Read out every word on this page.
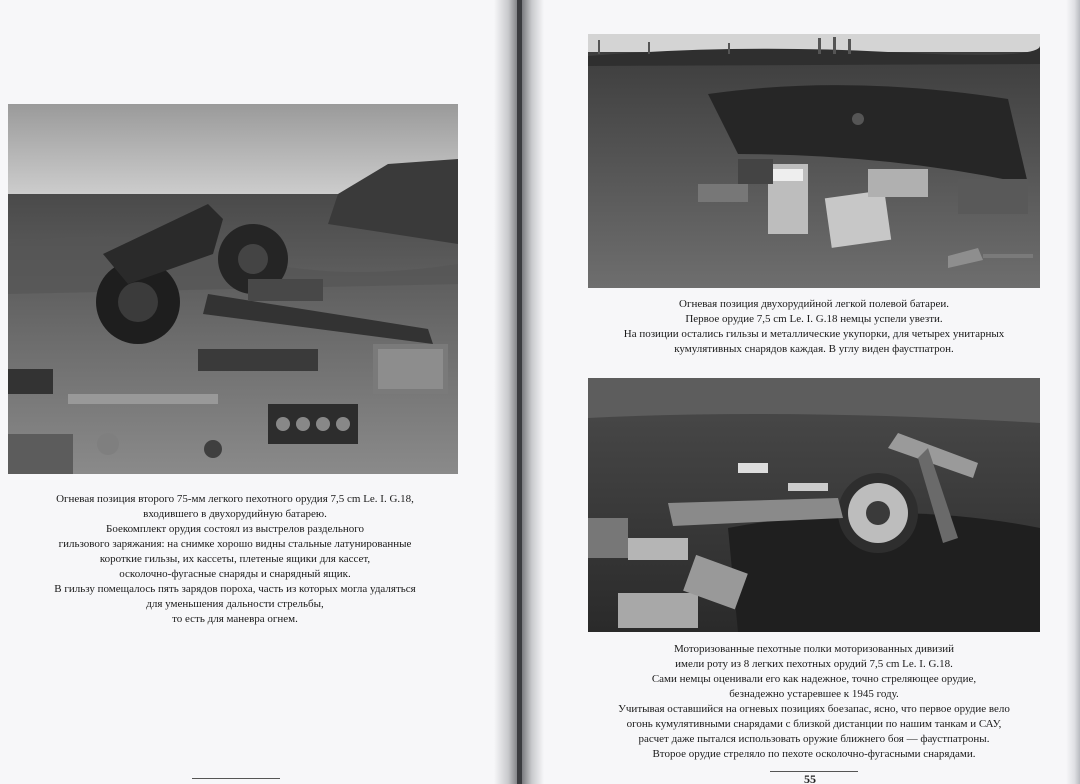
Огневая позиция второго 75-мм легкого пехотного орудия 7,5 cm Le. I. G.18,
входившего в двухорудийную батарею.
Боекомплект орудия состоял из выстрелов раздельного
гильзового заряжания: на снимке хорошо видны стальные латунированные
короткие гильзы, их кассеты, плетеные ящики для кассет,
осколочно-фугасные снаряды и снарядный ящик.
В гильзу помещалось пять зарядов пороха, часть из которых могла удаляться
для уменьшения дальности стрельбы,
то есть для маневра огнем.
Огневая позиция двухорудийной легкой полевой батареи.
Первое орудие 7,5 cm Le. I. G.18 немцы успели увезти.
На позиции остались гильзы и металлические укупорки, для четырех унитарных
кумулятивных снарядов каждая. В углу виден фаустпатрон.
Моторизованные пехотные полки моторизованных дивизий
имели роту из 8 легких пехотных орудий 7,5 cm Le. I. G.18.
Сами немцы оценивали его как надежное, точно стреляющее орудие,
безнадежно устаревшее к 1945 году.
Учитывая оставшийся на огневых позициях боезапас, ясно, что первое орудие вело
огонь кумулятивными снарядами с близкой дистанции по нашим танкам и САУ,
расчет даже пытался использовать оружие ближнего боя — фаустпатроны.
Второе орудие стреляло по пехоте осколочно-фугасными снарядами.
55
